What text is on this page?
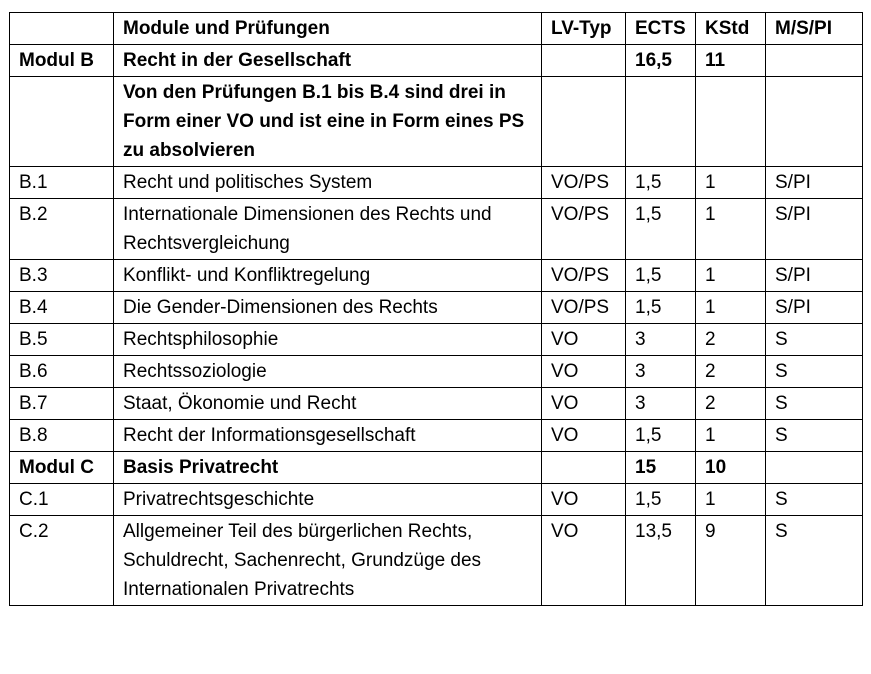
	Module und Prüfungen	LV-Typ	ECTS	KStd	M/S/PI
Modul B	Recht in der Gesellschaft		16,5	11	
	Von den Prüfungen B.1 bis B.4 sind drei in Form einer VO und ist eine in Form eines PS zu absolvieren				
B.1	Recht und politisches System	VO/PS	1,5	1	S/PI
B.2	Internationale Dimensionen des Rechts und Rechtsvergleichung	VO/PS	1,5	1	S/PI
B.3	Konflikt- und Konfliktregelung	VO/PS	1,5	1	S/PI
B.4	Die Gender-Dimensionen des Rechts	VO/PS	1,5	1	S/PI
B.5	Rechtsphilosophie	VO	3	2	S
B.6	Rechtssoziologie	VO	3	2	S
B.7	Staat, Ökonomie und Recht	VO	3	2	S
B.8	Recht der Informationsgesellschaft	VO	1,5	1	S
Modul C	Basis Privatrecht		15	10	
C.1	Privatrechtsgeschichte	VO	1,5	1	S
C.2	Allgemeiner Teil des bürgerlichen Rechts, Schuldrecht, Sachenrecht, Grundzüge des Internationalen Privatrechts	VO	13,5	9	S
